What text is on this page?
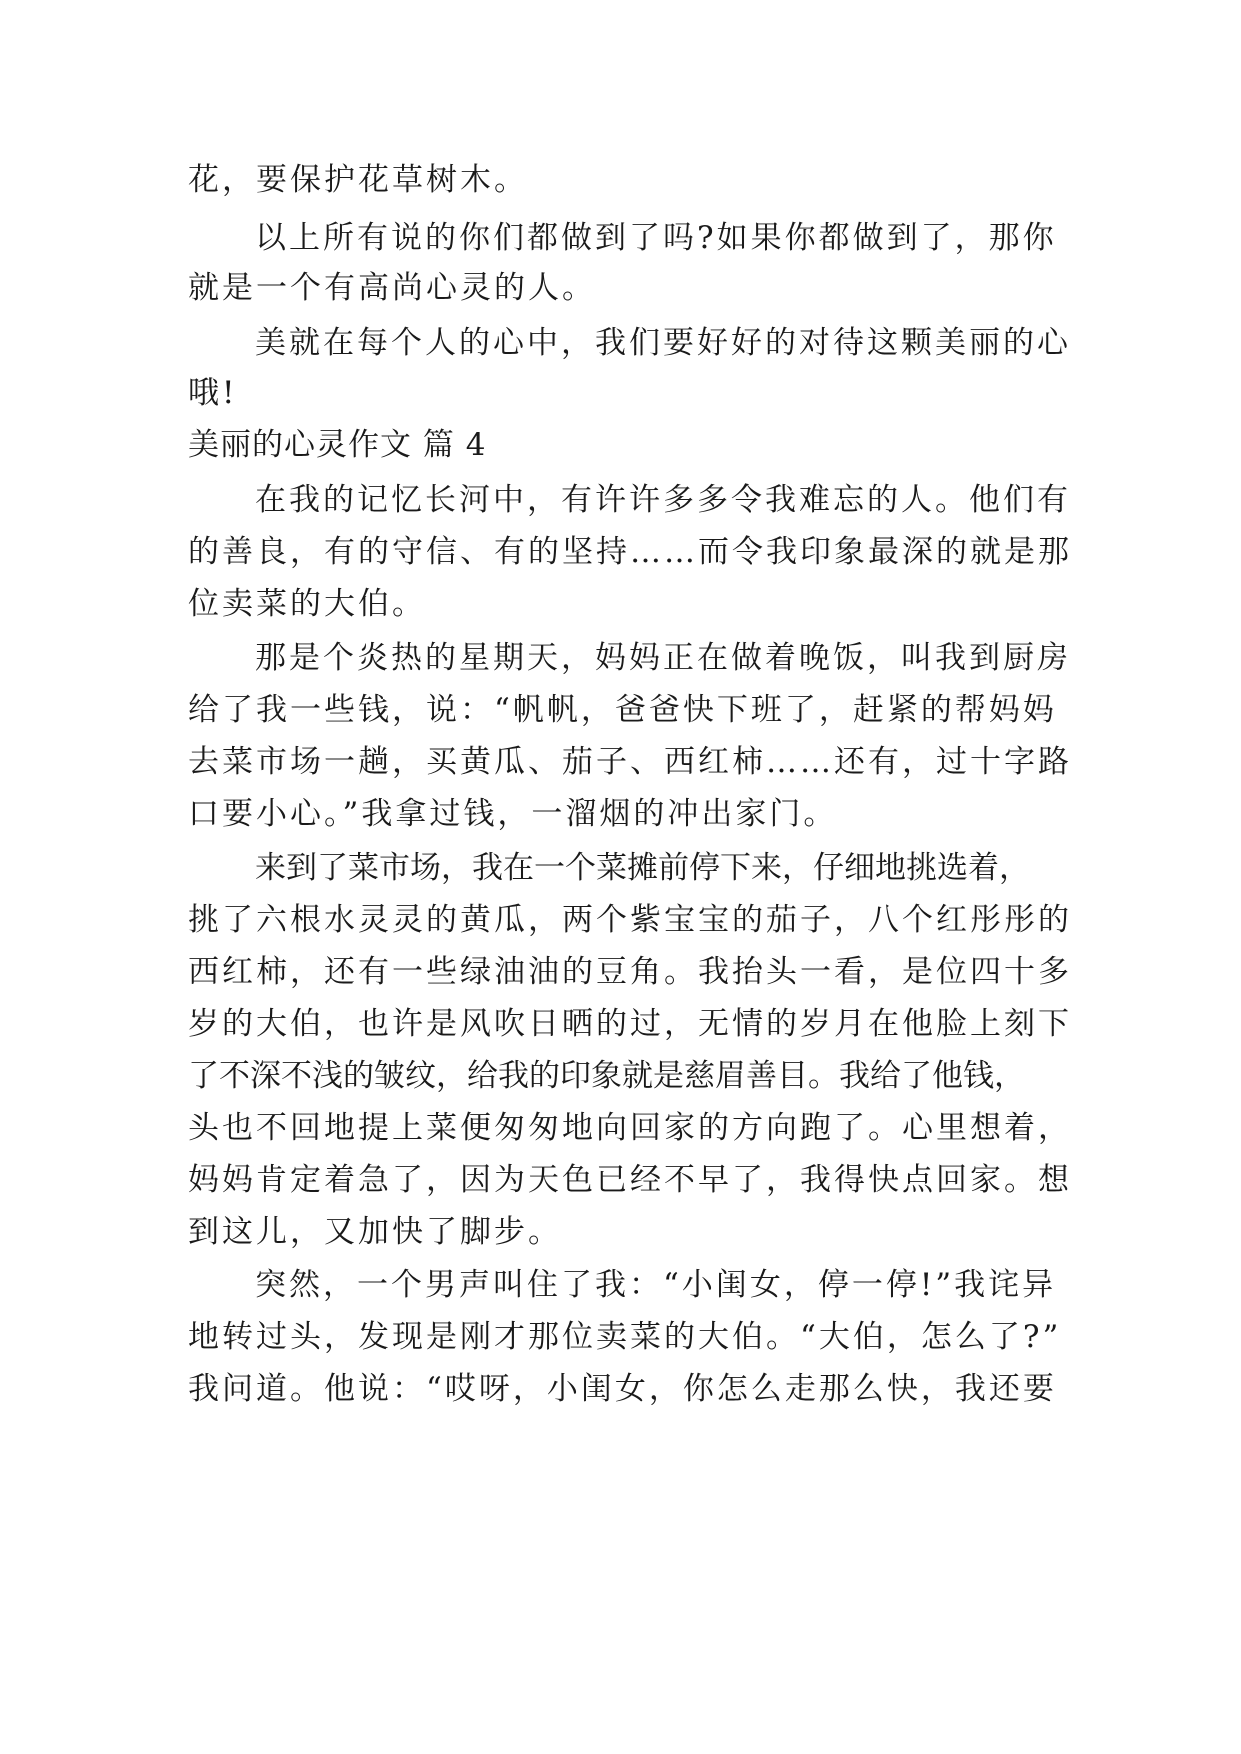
花，要保护花草树木。
以上所有说的你们都做到了吗?如果你都做到了，那你
就是一个有高尚心灵的人。
美就在每个人的心中，我们要好好的对待这颗美丽的心
哦!
美丽的心灵作文 篇 4
在我的记忆长河中，有许许多多令我难忘的人。他们有
的善良，有的守信、有的坚持……而令我印象最深的就是那
位卖菜的大伯。
那是个炎热的星期天，妈妈正在做着晚饭，叫我到厨房
给了我一些钱，说：“帆帆，爸爸快下班了，赶紧的帮妈妈
去菜市场一趟，买黄瓜、茄子、西红柿……还有，过十字路
口要小心。”我拿过钱，一溜烟的冲出家门。
来到了菜市场，我在一个菜摊前停下来，仔细地挑选着，
挑了六根水灵灵的黄瓜，两个紫宝宝的茄子，八个红彤彤的
西红柿，还有一些绿油油的豆角。我抬头一看，是位四十多
岁的大伯，也许是风吹日晒的过，无情的岁月在他脸上刻下
了不深不浅的皱纹，给我的印象就是慈眉善目。我给了他钱，
头也不回地提上菜便匆匆地向回家的方向跑了。心里想着，
妈妈肯定着急了，因为天色已经不早了，我得快点回家。想
到这儿，又加快了脚步。
突然，一个男声叫住了我：“小闺女，停一停!”我诧异
地转过头，发现是刚才那位卖菜的大伯。“大伯，怎么了?”
我问道。他说：“哎呀，小闺女，你怎么走那么快，我还要
